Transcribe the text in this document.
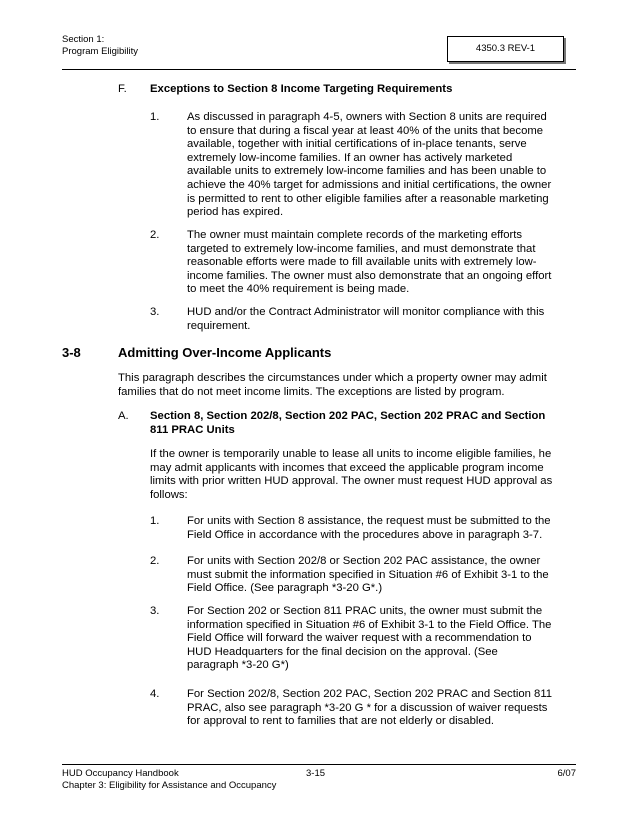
Section 1:
Program Eligibility	4350.3 REV-1
F. Exceptions to Section 8 Income Targeting Requirements
1. As discussed in paragraph 4-5, owners with Section 8 units are required
to ensure that during a fiscal year at least 40% of the units that become
available, together with initial certifications of in-place tenants, serve
extremely low-income families. If an owner has actively marketed
available units to extremely low-income families and has been unable to
achieve the 40% target for admissions and initial certifications, the owner
is permitted to rent to other eligible families after a reasonable marketing
period has expired.
2. The owner must maintain complete records of the marketing efforts
targeted to extremely low-income families, and must demonstrate that
reasonable efforts were made to fill available units with extremely low-
income families. The owner must also demonstrate that an ongoing effort
to meet the 40% requirement is being made.
3. HUD and/or the Contract Administrator will monitor compliance with this
requirement.
3-8	Admitting Over-Income Applicants
This paragraph describes the circumstances under which a property owner may admit
families that do not meet income limits. The exceptions are listed by program.
A. Section 8, Section 202/8, Section 202 PAC, Section 202 PRAC and Section
811 PRAC Units
If the owner is temporarily unable to lease all units to income eligible families, he
may admit applicants with incomes that exceed the applicable program income
limits with prior written HUD approval. The owner must request HUD approval as
follows:
1. For units with Section 8 assistance, the request must be submitted to the
Field Office in accordance with the procedures above in paragraph 3-7.
2. For units with Section 202/8 or Section 202 PAC assistance, the owner
must submit the information specified in Situation #6 of Exhibit 3-1 to the
Field Office. (See paragraph *3-20 G*.)
3. For Section 202 or Section 811 PRAC units, the owner must submit the
information specified in Situation #6 of Exhibit 3-1 to the Field Office. The
Field Office will forward the waiver request with a recommendation to
HUD Headquarters for the final decision on the approval. (See
paragraph *3-20 G*)
4. For Section 202/8, Section 202 PAC, Section 202 PRAC and Section 811
PRAC, also see paragraph *3-20 G * for a discussion of waiver requests
for approval to rent to families that are not elderly or disabled.
HUD Occupancy Handbook
Chapter 3: Eligibility for Assistance and Occupancy
3-15	6/07
